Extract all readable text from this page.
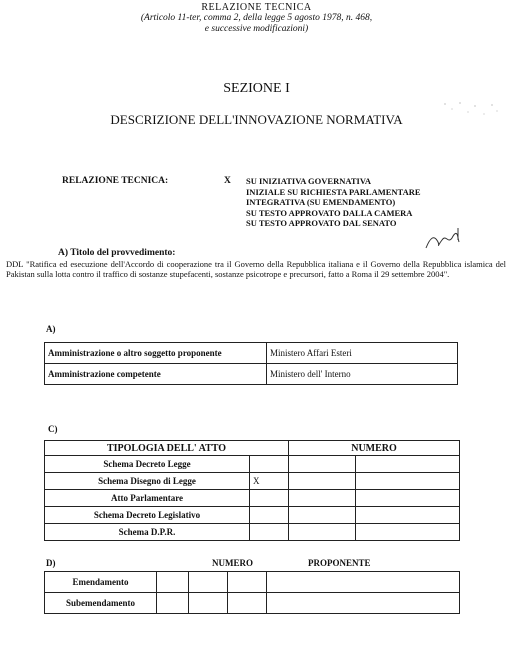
RELAZIONE TECNICA
(Articolo 11-ter, comma 2, della legge 5 agosto 1978, n. 468,
e successive modificazioni)
SEZIONE I
DESCRIZIONE DELL'INNOVAZIONE NORMATIVA
RELAZIONE TECNICA:	X SU INIZIATIVA GOVERNATIVA
INIZIALE SU RICHIESTA PARLAMENTARE
INTEGRATIVA (SU EMENDAMENTO)
SU TESTO APPROVATO DALLA CAMERA
SU TESTO APPROVATO DAL SENATO
A) Titolo del provvedimento:
DDL "Ratifica ed esecuzione dell'Accordo di cooperazione tra il Governo della Repubblica italiana e il Governo della Repubblica islamica del Pakistan sulla lotta contro il traffico di sostanze stupefacenti, sostanze psicotrope e precursori, fatto a Roma il 29 settembre 2004".
A)
Amministrazione o altro soggetto proponente	Ministero Affari Esteri
Amministrazione competente	Ministero dell' Interno
C)
TIPOLOGIA DELL' ATTO		NUMERO	
Schema Decreto Legge			
Schema Disegno di Legge	X		
Atto Parlamentare			
Schema Decreto Legislativo			
Schema D.P.R.			
D)	NUMERO	PROPONENTE
Emendamento				
Subemendamento				
